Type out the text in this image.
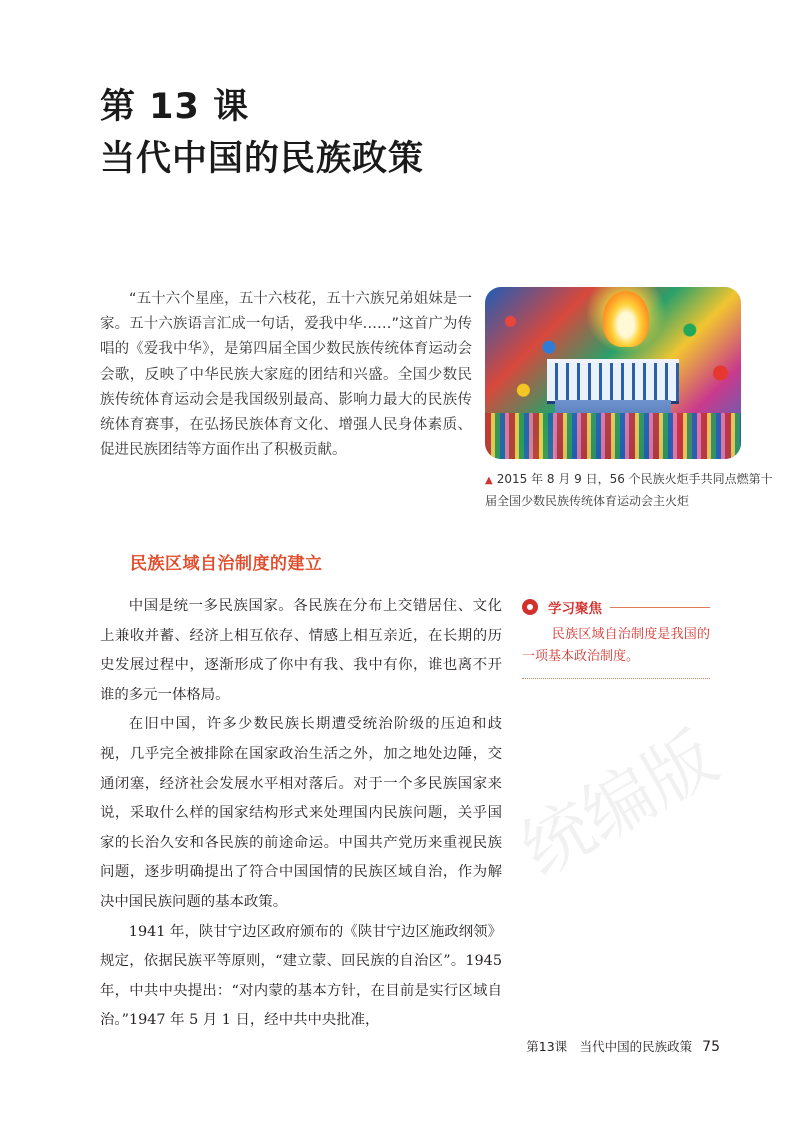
第 13 课
当代中国的民族政策

“五十六个星座，五十六枝花，五十六族兄弟姐妹是一家。五十六族语言汇成一句话，爱我中华……”这首广为传唱的《爱我中华》，是第四届全国少数民族传统体育运动会会歌，反映了中华民族大家庭的团结和兴盛。全国少数民族传统体育运动会是我国级别最高、影响力最大的民族传统体育赛事，在弘扬民族体育文化、增强人民身体素质、促进民族团结等方面作出了积极贡献。

▲ 2015 年 8 月 9 日，56 个民族火炬手共同点燃第十届全国少数民族传统体育运动会主火炬

民族区域自治制度的建立

中国是统一多民族国家。各民族在分布上交错居住、文化上兼收并蓄、经济上相互依存、情感上相互亲近，在长期的历史发展过程中，逐渐形成了你中有我、我中有你，谁也离不开谁的多元一体格局。

在旧中国，许多少数民族长期遭受统治阶级的压迫和歧视，几乎完全被排除在国家政治生活之外，加之地处边陲，交通闭塞，经济社会发展水平相对落后。对于一个多民族国家来说，采取什么样的国家结构形式来处理国内民族问题，关乎国家的长治久安和各民族的前途命运。中国共产党历来重视民族问题，逐步明确提出了符合中国国情的民族区域自治，作为解决中国民族问题的基本政策。

1941 年，陕甘宁边区政府颁布的《陕甘宁边区施政纲领》规定，依据民族平等原则，“建立蒙、回民族的自治区”。1945 年，中共中央提出：“对内蒙的基本方针，在目前是实行区域自治。”1947 年 5 月 1 日，经中共中央批准，

学习聚焦

民族区域自治制度是我国的一项基本政治制度。

统编版
第13课　当代中国的民族政策 75
